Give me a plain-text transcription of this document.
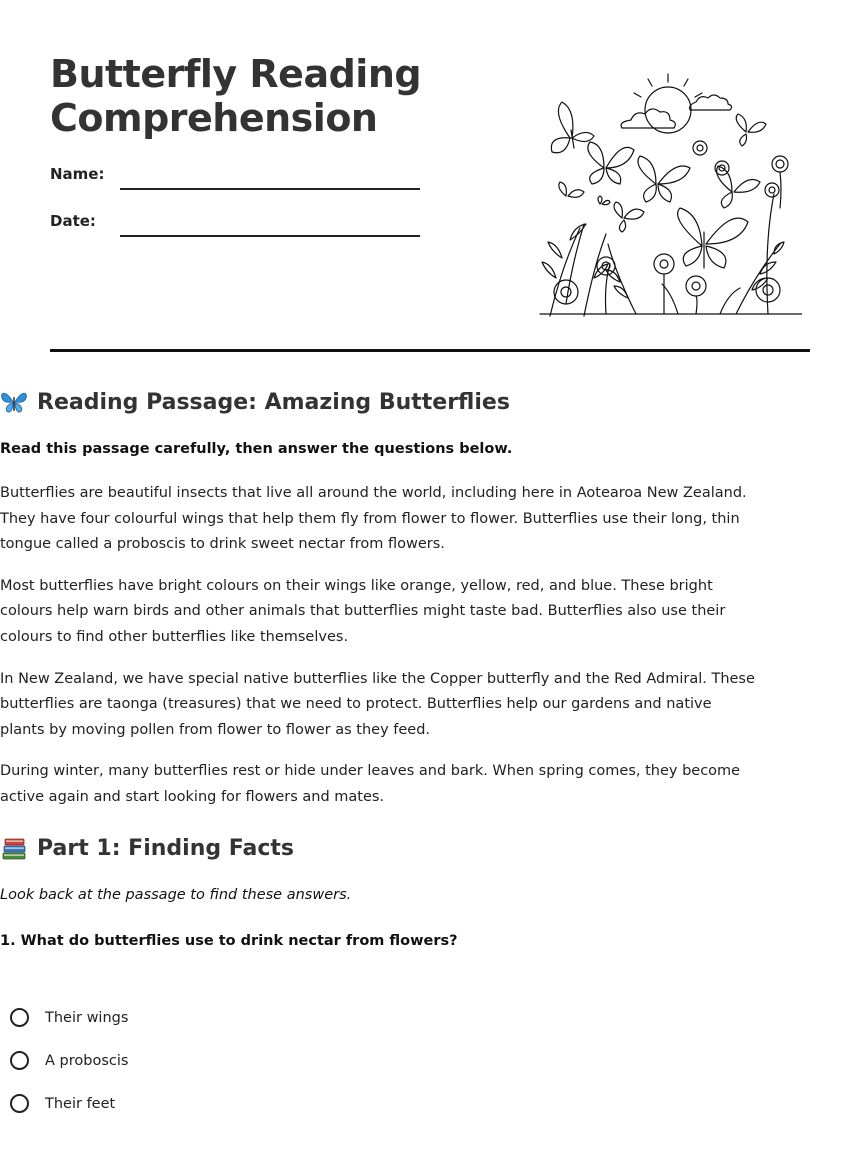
Butterfly Reading Comprehension
Name:
Date:
Reading Passage: Amazing Butterflies
Read this passage carefully, then answer the questions below.

Butterflies are beautiful insects that live all around the world, including here in Aotearoa New Zealand. They have four colourful wings that help them fly from flower to flower. Butterflies use their long, thin tongue called a proboscis to drink sweet nectar from flowers.

Most butterflies have bright colours on their wings like orange, yellow, red, and blue. These bright colours help warn birds and other animals that butterflies might taste bad. Butterflies also use their colours to find other butterflies like themselves.

In New Zealand, we have special native butterflies like the Copper butterfly and the Red Admiral. These butterflies are taonga (treasures) that we need to protect. Butterflies help our gardens and native plants by moving pollen from flower to flower as they feed.

During winter, many butterflies rest or hide under leaves and bark. When spring comes, they become active again and start looking for flowers and mates.

Part 1: Finding Facts
Look back at the passage to find these answers.
1. What do butterflies use to drink nectar from flowers?
Their wings
A proboscis
Their feet
